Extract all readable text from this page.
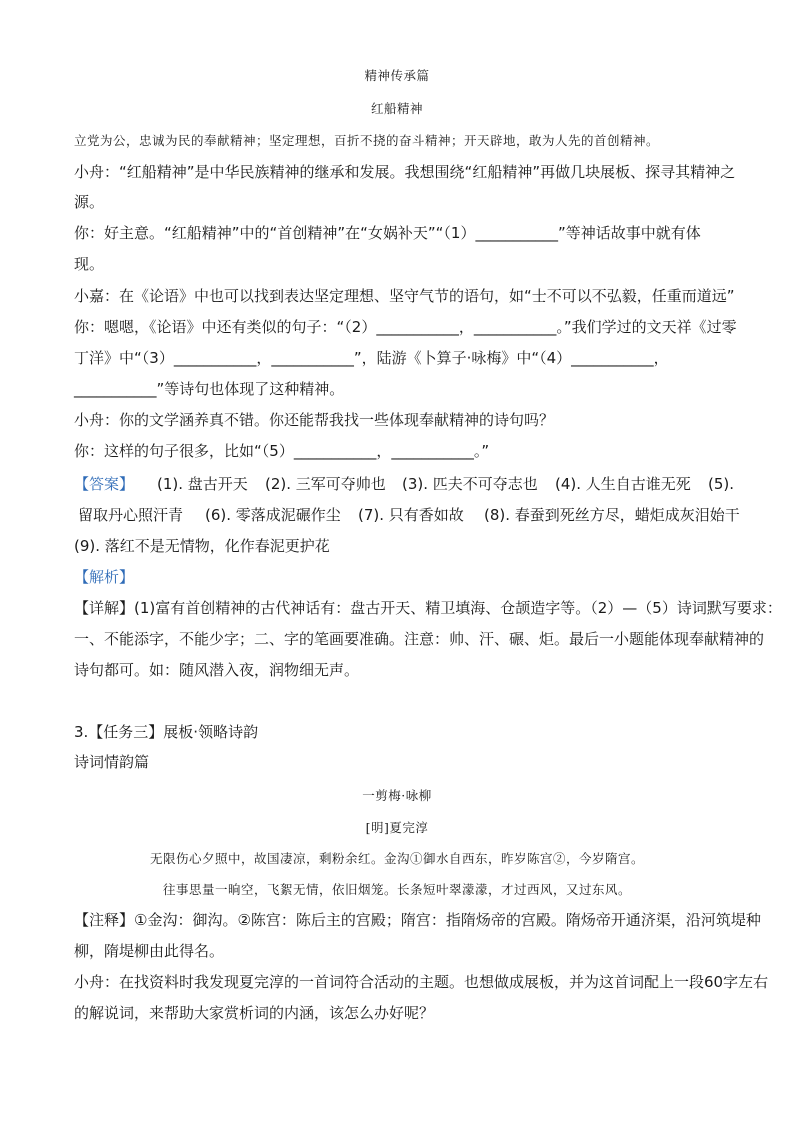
精神传承篇
红船精神
立党为公，忠诚为民的奉献精神；坚定理想，百折不挠的奋斗精神；开天辟地，敢为人先的首创精神。
小舟：“红船精神”是中华民族精神的继承和发展。我想围绕“红船精神”再做几块展板、探寻其精神之
源。
你：好主意。“红船精神”中的“首创精神”在“女娲补天”“（1）___________”等神话故事中就有体
现。
小嘉：在《论语》中也可以找到表达坚定理想、坚守气节的语句，如“士不可以不弘毅，任重而道远”
你：嗯嗯，《论语》中还有类似的句子：“（2）___________，___________。”我们学过的文天祥《过零
丁洋》中“（3）___________，___________”，陆游《卜算子·咏梅》中“（4）___________，
___________”等诗句也体现了这种精神。
小舟：你的文学涵养真不错。你还能帮我找一些体现奉献精神的诗句吗？
你：这样的句子很多，比如“（5）___________，___________。”
【答案】 (1). 盘古开天 (2). 三军可夺帅也 (3). 匹夫不可夺志也 (4). 人生自古谁无死 (5).
留取丹心照汗青 (6). 零落成泥碾作尘 (7). 只有香如故 (8). 春蚕到死丝方尽，蜡炬成灰泪始干
(9). 落红不是无情物，化作春泥更护花
【解析】
【详解】(1)富有首创精神的古代神话有：盘古开天、精卫填海、仓颉造字等。（2）—（5）诗词默写要求：
一、不能添字，不能少字；二、字的笔画要准确。注意：帅、汗、碾、炬。最后一小题能体现奉献精神的
诗句都可。如：随风潜入夜，润物细无声。
3.【任务三】展板·领略诗韵
诗词情韵篇
一剪梅·咏柳
[明]夏完淳
无限伤心夕照中，故国凄凉，剩粉余红。金沟①御水自西东，昨岁陈宫②，今岁隋宫。
往事思量一晌空，飞絮无情，依旧烟笼。长条短叶翠濛濛，才过西风，又过东风。
【注释】①金沟：御沟。②陈宫：陈后主的宫殿；隋宫：指隋炀帝的宫殿。隋炀帝开通济渠，沿河筑堤种
柳，隋堤柳由此得名。
小舟：在找资料时我发现夏完淳的一首词符合活动的主题。也想做成展板，并为这首词配上一段60字左右
的解说词，来帮助大家赏析词的内涵，该怎么办好呢？
